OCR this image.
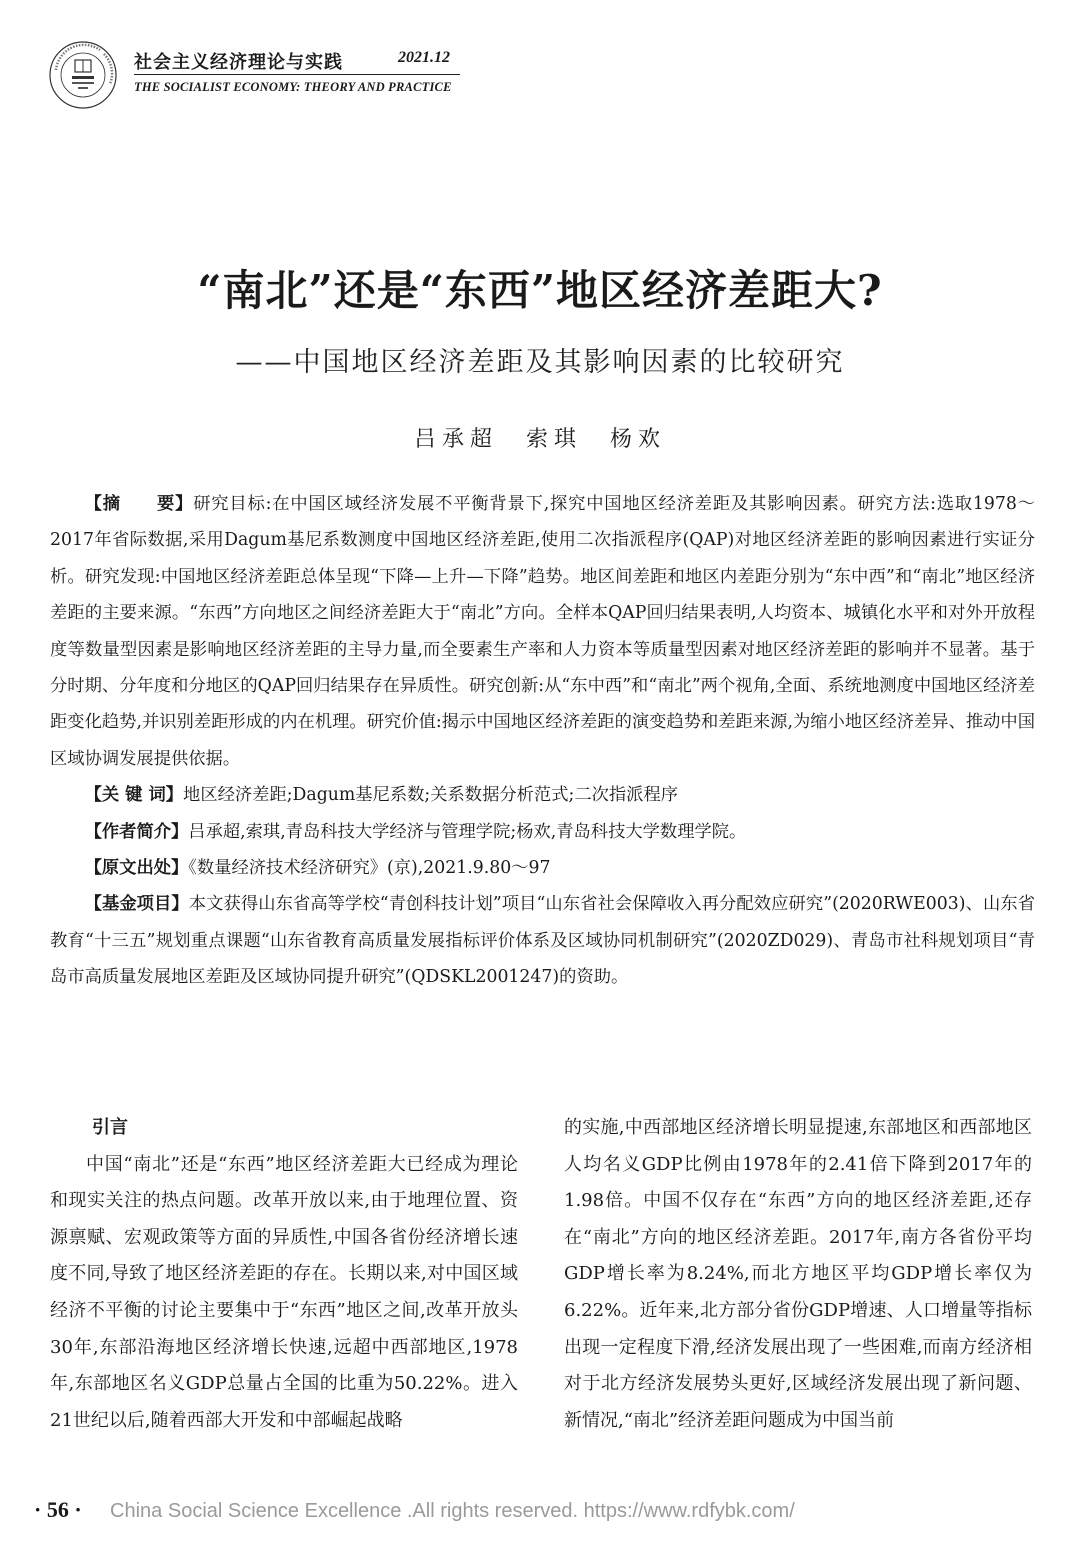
社会主义经济理论与实践	2021.12
THE SOCIALIST ECONOMY: THEORY AND PRACTICE
“南北”还是“东西”地区经济差距大?
——中国地区经济差距及其影响因素的比较研究
吕承超　索琪　杨欢

【摘　　要】研究目标:在中国区域经济发展不平衡背景下,探究中国地区经济差距及其影响因素。研究方法:选取1978～2017年省际数据,采用Dagum基尼系数测度中国地区经济差距,使用二次指派程序(QAP)对地区经济差距的影响因素进行实证分析。研究发现:中国地区经济差距总体呈现“下降—上升—下降”趋势。地区间差距和地区内差距分别为“东中西”和“南北”地区经济差距的主要来源。“东西”方向地区之间经济差距大于“南北”方向。全样本QAP回归结果表明,人均资本、城镇化水平和对外开放程度等数量型因素是影响地区经济差距的主导力量,而全要素生产率和人力资本等质量型因素对地区经济差距的影响并不显著。基于分时期、分年度和分地区的QAP回归结果存在异质性。研究创新:从“东中西”和“南北”两个视角,全面、系统地测度中国地区经济差距变化趋势,并识别差距形成的内在机理。研究价值:揭示中国地区经济差距的演变趋势和差距来源,为缩小地区经济差异、推动中国区域协调发展提供依据。

【关 键 词】地区经济差距;Dagum基尼系数;关系数据分析范式;二次指派程序

【作者简介】吕承超,索琪,青岛科技大学经济与管理学院;杨欢,青岛科技大学数理学院。

【原文出处】《数量经济技术经济研究》(京),2021.9.80～97

【基金项目】本文获得山东省高等学校“青创科技计划”项目“山东省社会保障收入再分配效应研究”(2020RWE003)、山东省教育“十三五”规划重点课题“山东省教育高质量发展指标评价体系及区域协同机制研究”(2020ZD029)、青岛市社科规划项目“青岛市高质量发展地区差距及区域协同提升研究”(QDSKL2001247)的资助。

引言

中国“南北”还是“东西”地区经济差距大已经成为理论和现实关注的热点问题。改革开放以来,由于地理位置、资源禀赋、宏观政策等方面的异质性,中国各省份经济增长速度不同,导致了地区经济差距的存在。长期以来,对中国区域经济不平衡的讨论主要集中于“东西”地区之间,改革开放头30年,东部沿海地区经济增长快速,远超中西部地区,1978年,东部地区名义GDP总量占全国的比重为50.22%。进入21世纪以后,随着西部大开发和中部崛起战略

的实施,中西部地区经济增长明显提速,东部地区和西部地区人均名义GDP比例由1978年的2.41倍下降到2017年的1.98倍。中国不仅存在“东西”方向的地区经济差距,还存在“南北”方向的地区经济差距。2017年,南方各省份平均GDP增长率为8.24%,而北方地区平均GDP增长率仅为6.22%。近年来,北方部分省份GDP增速、人口增量等指标出现一定程度下滑,经济发展出现了一些困难,而南方经济相对于北方经济发展势头更好,区域经济发展出现了新问题、新情况,“南北”经济差距问题成为中国当前

· 56 · China Social Science Excellence .All rights reserved. https://www.rdfybk.com/
